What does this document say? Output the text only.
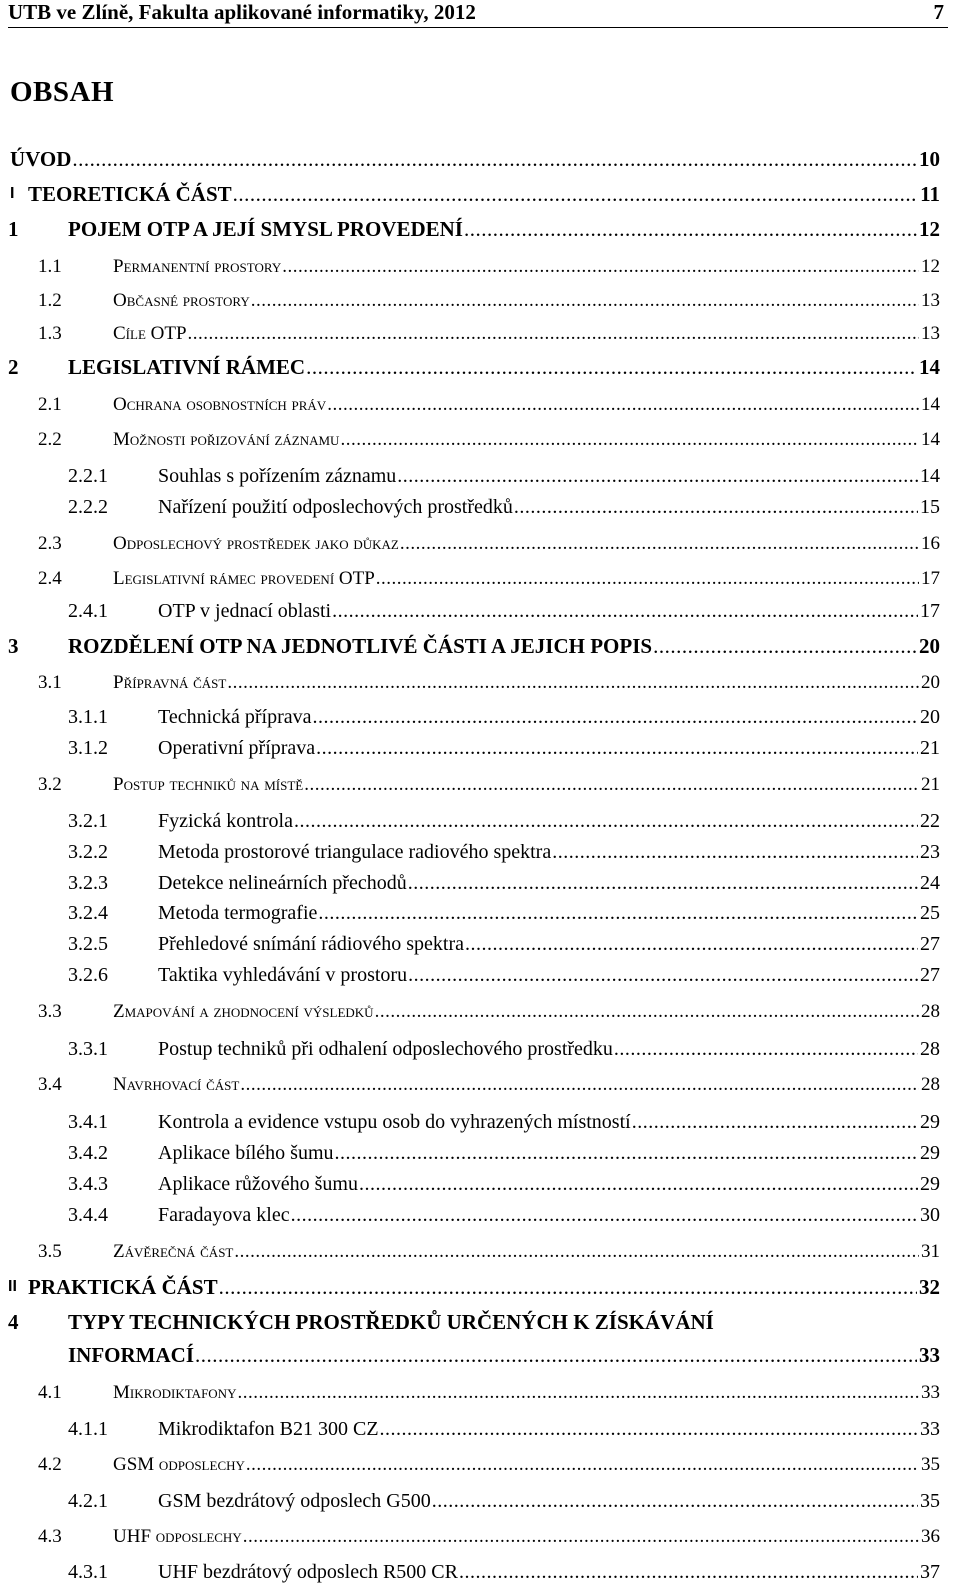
UTB ve Zlíně, Fakulta aplikované informatiky, 2012	7
OBSAH
ÚVOD .....	10
I TEORETICKÁ ČÁST .....	11
1 POJEM OTP A JEJÍ SMYSL PROVEDENÍ .....	12
1.1	Permanentní prostory .....	12
1.2	Občasné prostory .....	13
1.3	Cíle OTP .....	13
2 LEGISLATIVNÍ RÁMEC .....	14
2.1	Ochrana osobnostních práv .....	14
2.2	Možnosti pořizování záznamu .....	14
2.2.1	Souhlas s pořízením záznamu .....	14
2.2.2	Nařízení použití odposlechových prostředků .....	15
2.3	Odposlechový prostředek jako důkaz .....	16
2.4	Legislativní rámec provedení OTP .....	17
2.4.1	OTP v jednací oblasti .....	17
3 ROZDĚLENÍ OTP NA JEDNOTLIVÉ ČÁSTI A JEJICH POPIS .....	20
3.1	Přípravná část .....	20
3.1.1	Technická příprava .....	20
3.1.2	Operativní příprava .....	21
3.2	Postup techniků na místě .....	21
3.2.1	Fyzická kontrola .....	22
3.2.2	Metoda prostorové triangulace radiového spektra .....	23
3.2.3	Detekce nelineárních přechodů .....	24
3.2.4	Metoda termografie .....	25
3.2.5	Přehledové snímání rádiového spektra .....	27
3.2.6	Taktika vyhledávání v prostoru .....	27
3.3	Zmapování a zhodnocení výsledků .....	28
3.3.1	Postup techniků při odhalení odposlechového prostředku .....	28
3.4	Navrhovací část .....	28
3.4.1	Kontrola a evidence vstupu osob do vyhrazených místností .....	29
3.4.2	Aplikace bílého šumu .....	29
3.4.3	Aplikace růžového šumu .....	29
3.4.4	Faradayova klec .....	30
3.5	Závěrečná část .....	31
II PRAKTICKÁ ČÁST .....	32
4 TYPY TECHNICKÝCH PROSTŘEDKŮ URČENÝCH K ZÍSKÁVÁNÍ
INFORMACÍ .....	33
4.1	Mikrodiktafony .....	33
4.1.1	Mikrodiktafon B21 300 CZ .....	33
4.2	GSM odposlechy .....	35
4.2.1	GSM bezdrátový odposlech G500 .....	35
4.3	UHF odposlechy .....	36
4.3.1	UHF bezdrátový odposlech R500 CR .....	37
